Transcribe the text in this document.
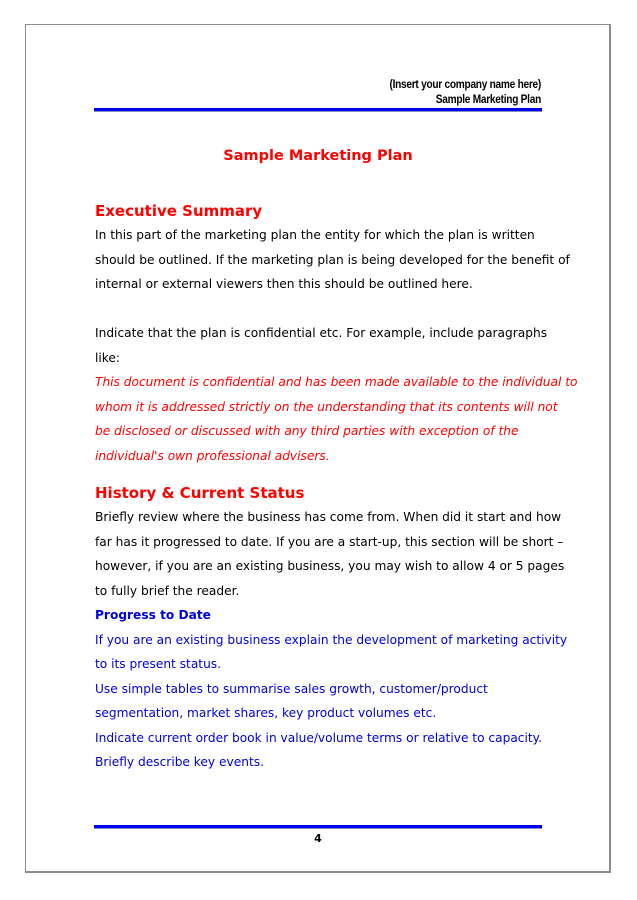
(Insert your company name here)
Sample Marketing Plan
Sample Marketing Plan
Executive Summary

In this part of the marketing plan the entity for which the plan is written

should be outlined. If the marketing plan is being developed for the benefit of

internal or external viewers then this should be outlined here.

Indicate that the plan is confidential etc. For example, include paragraphs

like:

This document is confidential and has been made available to the individual to

whom it is addressed strictly on the understanding that its contents will not

be disclosed or discussed with any third parties with exception of the

individual's own professional advisers.

History & Current Status

Briefly review where the business has come from. When did it start and how

far has it progressed to date. If you are a start-up, this section will be short –

however, if you are an existing business, you may wish to allow 4 or 5 pages

to fully brief the reader.

Progress to Date

If you are an existing business explain the development of marketing activity

to its present status.

Use simple tables to summarise sales growth, customer/product

segmentation, market shares, key product volumes etc.

Indicate current order book in value/volume terms or relative to capacity.

Briefly describe key events.

4
